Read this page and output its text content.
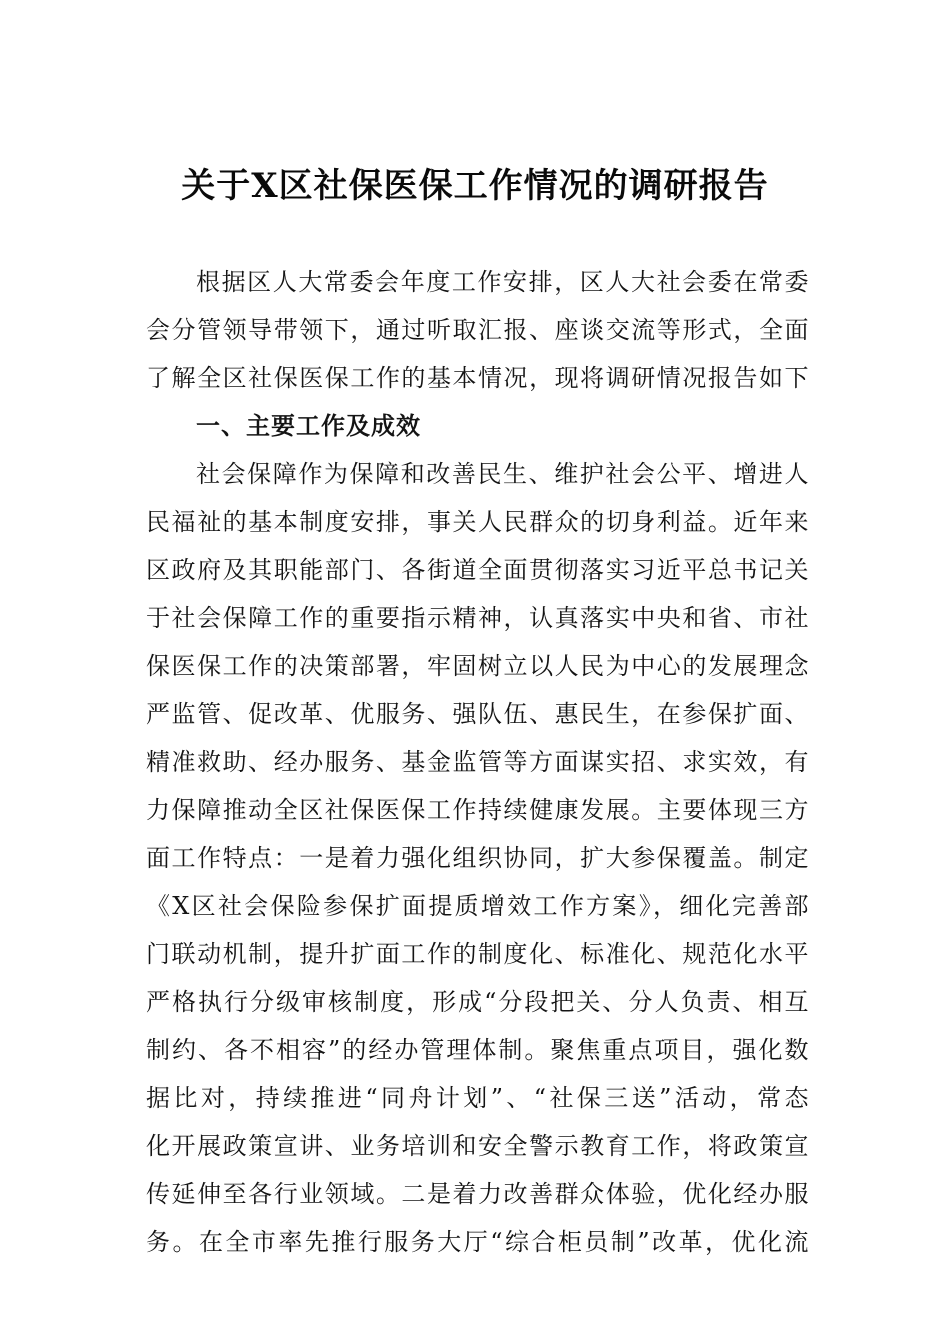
关于X区社保医保工作情况的调研报告
根据区人大常委会年度工作安排，区人大社会委在常委
会分管领导带领下，通过听取汇报、座谈交流等形式，全面
了解全区社保医保工作的基本情况，现将调研情况报告如下
一、主要工作及成效
社会保障作为保障和改善民生、维护社会公平、增进人
民福祉的基本制度安排，事关人民群众的切身利益。近年来
区政府及其职能部门、各街道全面贯彻落实习近平总书记关
于社会保障工作的重要指示精神，认真落实中央和省、市社
保医保工作的决策部署，牢固树立以人民为中心的发展理念
严监管、促改革、优服务、强队伍、惠民生，在参保扩面、
精准救助、经办服务、基金监管等方面谋实招、求实效，有
力保障推动全区社保医保工作持续健康发展。主要体现三方
面工作特点：一是着力强化组织协同，扩大参保覆盖。制定
《X区社会保险参保扩面提质增效工作方案》，细化完善部
门联动机制，提升扩面工作的制度化、标准化、规范化水平
严格执行分级审核制度，形成“分段把关、分人负责、相互
制约、各不相容”的经办管理体制。聚焦重点项目，强化数
据比对，持续推进“同舟计划”、“社保三送”活动，常态
化开展政策宣讲、业务培训和安全警示教育工作，将政策宣
传延伸至各行业领域。二是着力改善群众体验，优化经办服
务。在全市率先推行服务大厅“综合柜员制”改革，优化流
